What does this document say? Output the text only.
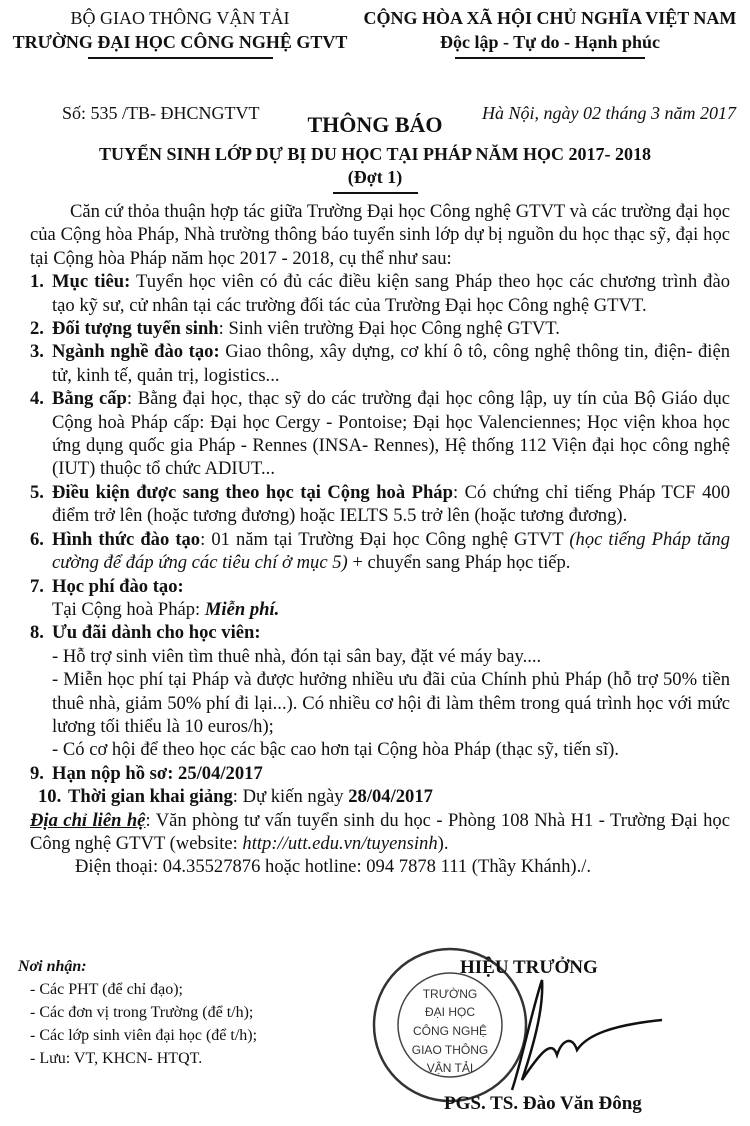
BỘ GIAO THÔNG VẬN TẢI
TRƯỜNG ĐẠI HỌC CÔNG NGHỆ GTVT
CỘNG HÒA XÃ HỘI CHỦ NGHĨA VIỆT NAM
Độc lập - Tự do - Hạnh phúc
Số: 535 /TB- ĐHCNGTVT	Hà Nội, ngày 02 tháng 3 năm 2017
THÔNG BÁO
TUYỂN SINH LỚP DỰ BỊ DU HỌC TẠI PHÁP NĂM HỌC 2017- 2018
(Đợt 1)

Căn cứ thỏa thuận hợp tác giữa Trường Đại học Công nghệ GTVT và các trường đại học của Cộng hòa Pháp, Nhà trường thông báo tuyển sinh lớp dự bị nguồn du học thạc sỹ, đại học tại Cộng hòa Pháp năm học 2017 - 2018, cụ thể như sau:

1. Mục tiêu: Tuyển học viên có đủ các điều kiện sang Pháp theo học các chương trình đào tạo kỹ sư, cử nhân tại các trường đối tác của Trường Đại học Công nghệ GTVT.

2. Đối tượng tuyển sinh: Sinh viên trường Đại học Công nghệ GTVT.

3. Ngành nghề đào tạo: Giao thông, xây dựng, cơ khí ô tô, công nghệ thông tin, điện- điện tử, kinh tế, quản trị, logistics...

4. Bằng cấp: Bằng đại học, thạc sỹ do các trường đại học công lập, uy tín của Bộ Giáo dục Cộng hoà Pháp cấp: Đại học Cergy - Pontoise; Đại học Valenciennes; Học viện khoa học ứng dụng quốc gia Pháp - Rennes (INSA- Rennes), Hệ thống 112 Viện đại học công nghệ (IUT) thuộc tổ chức ADIUT...

5. Điều kiện được sang theo học tại Cộng hoà Pháp: Có chứng chỉ tiếng Pháp TCF 400 điểm trở lên (hoặc tương đương) hoặc IELTS 5.5 trở lên (hoặc tương đương).

6. Hình thức đào tạo: 01 năm tại Trường Đại học Công nghệ GTVT (học tiếng Pháp tăng cường để đáp ứng các tiêu chí ở mục 5) + chuyển sang Pháp học tiếp.

7. Học phí đào tạo:

Tại Cộng hoà Pháp: Miễn phí.

8. Ưu đãi dành cho học viên:

- Hỗ trợ sinh viên tìm thuê nhà, đón tại sân bay, đặt vé máy bay....

- Miễn học phí tại Pháp và được hưởng nhiều ưu đãi của Chính phủ Pháp (hỗ trợ 50% tiền thuê nhà, giảm 50% phí đi lại...). Có nhiều cơ hội đi làm thêm trong quá trình học với mức lương tối thiểu là 10 euros/h);

- Có cơ hội để theo học các bậc cao hơn tại Cộng hòa Pháp (thạc sỹ, tiến sĩ).

9. Hạn nộp hồ sơ: 25/04/2017

10. Thời gian khai giảng: Dự kiến ngày 28/04/2017

Địa chỉ liên hệ: Văn phòng tư vấn tuyển sinh du học - Phòng 108 Nhà H1 - Trường Đại học Công nghệ GTVT (website: http://utt.edu.vn/tuyensinh).

Điện thoại: 04.35527876 hoặc hotline: 094 7878 111 (Thầy Khánh)./.

Nơi nhận:
- Các PHT (để chỉ đạo);
- Các đơn vị trong Trường (để t/h);
- Các lớp sinh viên đại học (để t/h);
- Lưu: VT, KHCN- HTQT.
TRƯỜNG
ĐẠI HỌC
CÔNG NGHỆ
GIAO THÔNG
VẬN TẢI
HIỆU TRƯỞNG
PGS. TS. Đào Văn Đông
